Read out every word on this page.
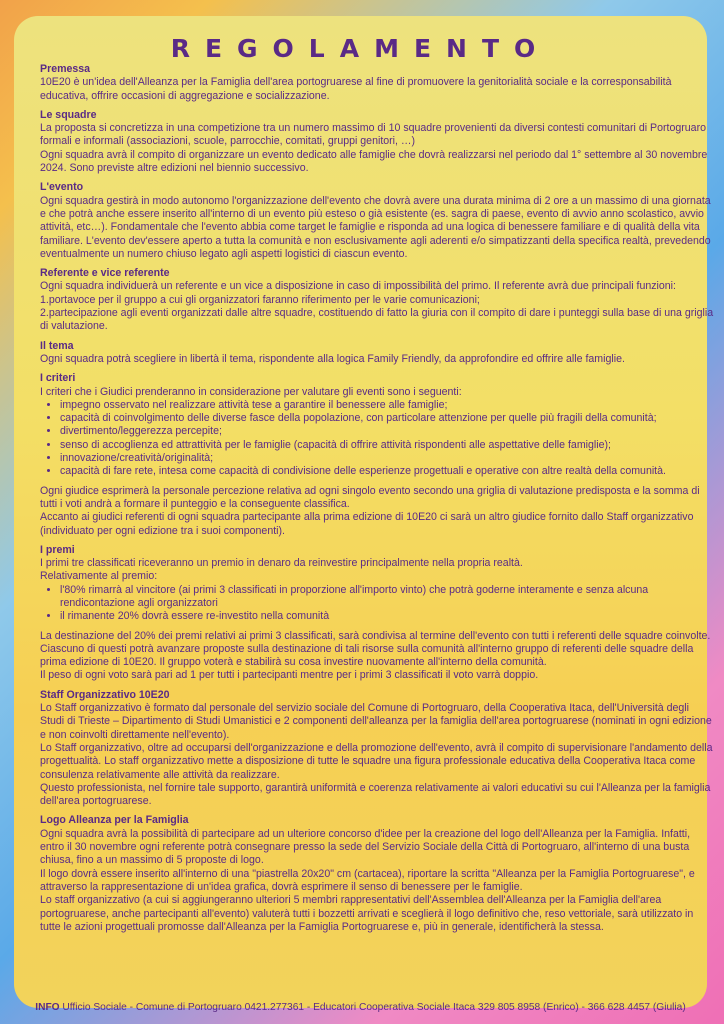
REGOLAMENTO
Premessa

10E20 è un'idea dell'Alleanza per la Famiglia dell'area portogruarese al fine di promuovere la genitorialità sociale e la corresponsabilità educativa, offrire occasioni di aggregazione e socializzazione.

Le squadre

La proposta si concretizza in una competizione tra un numero massimo di 10 squadre provenienti da diversi contesti comunitari di Portogruaro formali e informali (associazioni, scuole, parrocchie, comitati, gruppi genitori, …)

Ogni squadra avrà il compito di organizzare un evento dedicato alle famiglie che dovrà realizzarsi nel periodo dal 1° settembre al 30 novembre 2024. Sono previste altre edizioni nel biennio successivo.

L'evento

Ogni squadra gestirà in modo autonomo l'organizzazione dell'evento che dovrà avere una durata minima di 2 ore a un massimo di una giornata e che potrà anche essere inserito all'interno di un evento più esteso o già esistente (es. sagra di paese, evento di avvio anno scolastico, avvio attività, etc…). Fondamentale che l'evento abbia come target le famiglie e risponda ad una logica di benessere familiare e di qualità della vita familiare. L'evento dev'essere aperto a tutta la comunità e non esclusivamente agli aderenti e/o simpatizzanti della specifica realtà, prevedendo eventualmente un numero chiuso legato agli aspetti logistici di ciascun evento.

Referente e vice referente

Ogni squadra individuerà un referente e un vice a disposizione in caso di impossibilità del primo. Il referente avrà due principali funzioni:

1.portavoce per il gruppo a cui gli organizzatori faranno riferimento per le varie comunicazioni;

2.partecipazione agli eventi organizzati dalle altre squadre, costituendo di fatto la giuria con il compito di dare i punteggi sulla base di una griglia di valutazione.

Il tema

Ogni squadra potrà scegliere in libertà il tema, rispondente alla logica Family Friendly, da approfondire ed offrire alle famiglie.

I criteri

I criteri che i Giudici prenderanno in considerazione per valutare gli eventi sono i seguenti:

• impegno osservato nel realizzare attività tese a garantire il benessere alle famiglie;
• capacità di coinvolgimento delle diverse fasce della popolazione, con particolare attenzione per quelle più fragili della comunità;
• divertimento/leggerezza percepite;
• senso di accoglienza ed attrattività per le famiglie (capacità di offrire attività rispondenti alle aspettative delle famiglie);
• innovazione/creatività/originalità;
• capacità di fare rete, intesa come capacità di condivisione delle esperienze progettuali e operative con altre realtà della comunità.

Ogni giudice esprimerà la personale percezione relativa ad ogni singolo evento secondo una griglia di valutazione predisposta e la somma di tutti i voti andrà a formare il punteggio e la conseguente classifica.

Accanto ai giudici referenti di ogni squadra partecipante alla prima edizione di 10E20 ci sarà un altro giudice fornito dallo Staff organizzativo (individuato per ogni edizione tra i suoi componenti).

I premi

I primi tre classificati riceveranno un premio in denaro da reinvestire principalmente nella propria realtà.

Relativamente al premio:

• l'80% rimarrà al vincitore (ai primi 3 classificati in proporzione all'importo vinto) che potrà goderne interamente e senza alcuna rendicontazione agli organizzatori
• il rimanente 20% dovrà essere re-investito nella comunità

La destinazione del 20% dei premi relativi ai primi 3 classificati, sarà condivisa al termine dell'evento con tutti i referenti delle squadre coinvolte. Ciascuno di questi potrà avanzare proposte sulla destinazione di tali risorse sulla comunità all'interno gruppo di referenti delle squadre della prima edizione di 10E20. Il gruppo voterà e stabilirà su cosa investire nuovamente all'interno della comunità.

Il peso di ogni voto sarà pari ad 1 per tutti i partecipanti mentre per i primi 3 classificati il voto varrà doppio.

Staff Organizzativo 10E20

Lo Staff organizzativo è formato dal personale del servizio sociale del Comune di Portogruaro, della Cooperativa Itaca, dell'Università degli Studi di Trieste – Dipartimento di Studi Umanistici e 2 componenti dell'alleanza per la famiglia dell'area portogruarese (nominati in ogni edizione e non coinvolti direttamente nell'evento).

Lo Staff organizzativo, oltre ad occuparsi dell'organizzazione e della promozione dell'evento, avrà il compito di supervisionare l'andamento della progettualità. Lo staff organizzativo mette a disposizione di tutte le squadre una figura professionale educativa della Cooperativa Itaca come consulenza relativamente alle attività da realizzare.

Questo professionista, nel fornire tale supporto, garantirà uniformità e coerenza relativamente ai valori educativi su cui l'Alleanza per la famiglia dell'area portogruarese.

Logo Alleanza per la Famiglia

Ogni squadra avrà la possibilità di partecipare ad un ulteriore concorso d'idee per la creazione del logo dell'Alleanza per la Famiglia. Infatti, entro il 30 novembre ogni referente potrà consegnare presso la sede del Servizio Sociale della Città di Portogruaro, all'interno di una busta chiusa, fino a un massimo di 5 proposte di logo.

Il logo dovrà essere inserito all'interno di una "piastrella 20x20" cm (cartacea), riportare la scritta "Alleanza per la Famiglia Portogruarese", e attraverso la rappresentazione di un'idea grafica, dovrà esprimere il senso di benessere per le famiglie.

Lo staff organizzativo (a cui si aggiungeranno ulteriori 5 membri rappresentativi dell'Assemblea dell'Alleanza per la Famiglia dell'area portogruarese, anche partecipanti all'evento) valuterà tutti i bozzetti arrivati e sceglierà il logo definitivo che, reso vettoriale, sarà utilizzato in tutte le azioni progettuali promosse dall'Alleanza per la Famiglia Portogruarese e, più in generale, identificherà la stessa.

INFO Ufficio Sociale - Comune di Portogruaro 0421.277361 - Educatori Cooperativa Sociale Itaca 329 805 8958 (Enrico) - 366 628 4457 (Giulia)
